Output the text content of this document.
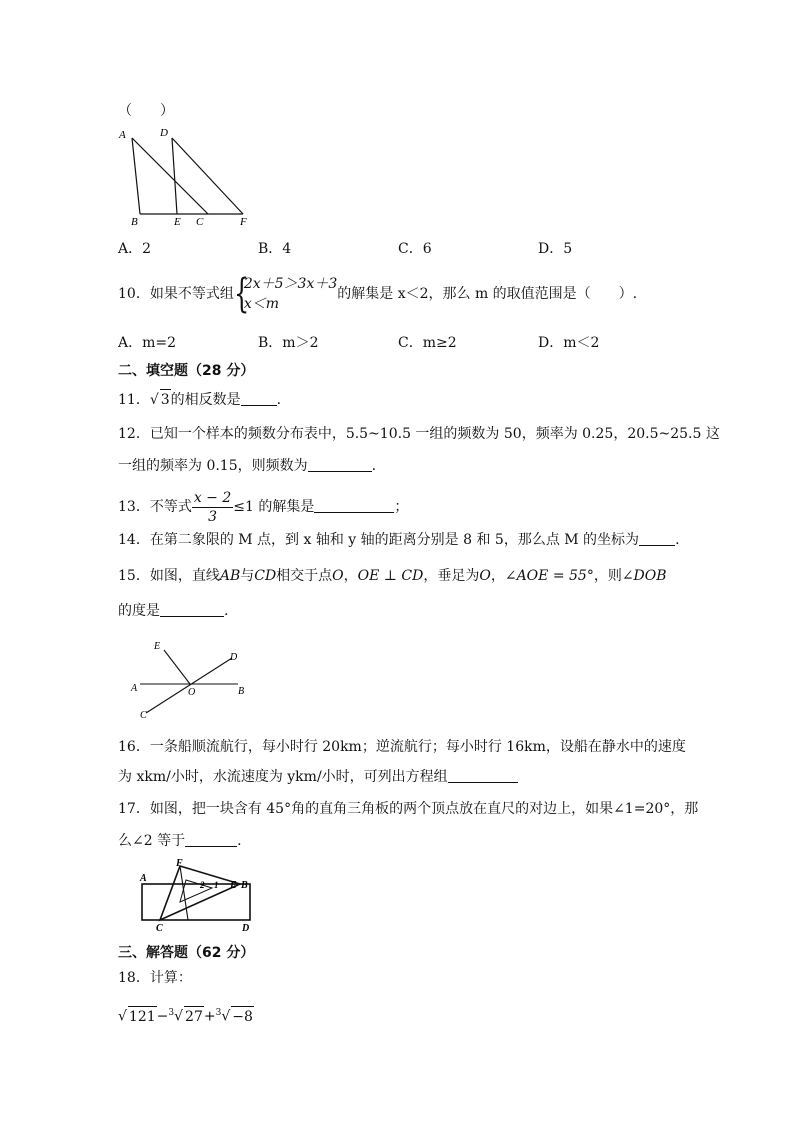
（　　）
A	D
B	E C	F
A．2	B．4	C．6	D．5
10．如果不等式组 {
2x＋5＞3x＋3
x＜m
的解集是 x＜2，那么 m 的取值范围是（　　）.
A．m=2	B．m＞2	C．m≥2	D．m＜2
二、填空题（28 分）
11．√ 3的相反数是	.
12．已知一个样本的频数分布表中，5.5~10.5 一组的频数为 50，频率为 0.25，20.5~25.5 这
一组的频率为 0.15，则频数为	.
13．不等式 $\frac{x - 2}{3} \le 1$ 的解集是	；
14．在第二象限的 M 点，到 x 轴和 y 轴的距离分别是 8 和 5，那么点 M 的坐标为	.
15．如图，直线AB与CD相交于点O，OE ⊥ CD，垂足为O，∠AOE = 55°，则∠DOB
的度是	.
E
D
A	O	B
C
16．一条船顺流航行，每小时行 20km；逆流航行；每小时行 16km，设船在静水中的速度
为 xkm/小时，水流速度为 ykm/小时，可列出方程组
17．如图，把一块含有 45°角的直角三角板的两个顶点放在直尺的对边上，如果∠1=20°，那
么∠2 等于	.
F
A
2 1 E B
C	D
三、解答题（62 分）
18．计算：
√ 121−$^3$√ 27+$^3$√ −8
